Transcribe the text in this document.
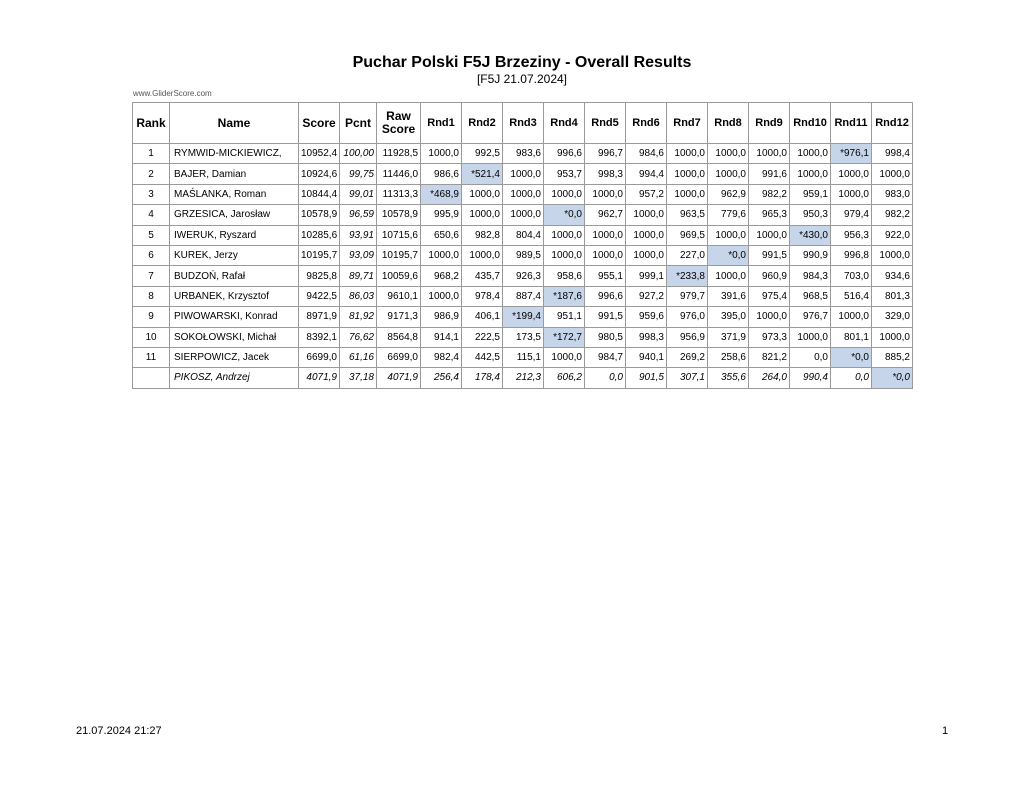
Puchar Polski F5J Brzeziny - Overall Results
[F5J 21.07.2024]
www.GliderScore.com
Rank	Name	Score	Pcnt	Raw Score	Rnd1	Rnd2	Rnd3	Rnd4	Rnd5	Rnd6	Rnd7	Rnd8	Rnd9	Rnd10	Rnd11	Rnd12
1	RYMWID-MICKIEWICZ,	10952,4	100,00	11928,5	1000,0	992,5	983,6	996,6	996,7	984,6	1000,0	1000,0	1000,0	1000,0	*976,1	998,4
2	BAJER, Damian	10924,6	99,75	11446,0	986,6	*521,4	1000,0	953,7	998,3	994,4	1000,0	1000,0	991,6	1000,0	1000,0	1000,0
3	MAŚLANKA, Roman	10844,4	99,01	11313,3	*468,9	1000,0	1000,0	1000,0	1000,0	957,2	1000,0	962,9	982,2	959,1	1000,0	983,0
4	GRZESICA, Jarosław	10578,9	96,59	10578,9	995,9	1000,0	1000,0	*0,0	962,7	1000,0	963,5	779,6	965,3	950,3	979,4	982,2
5	IWERUK, Ryszard	10285,6	93,91	10715,6	650,6	982,8	804,4	1000,0	1000,0	1000,0	969,5	1000,0	1000,0	*430,0	956,3	922,0
6	KUREK, Jerzy	10195,7	93,09	10195,7	1000,0	1000,0	989,5	1000,0	1000,0	1000,0	227,0	*0,0	991,5	990,9	996,8	1000,0
7	BUDZOŃ, Rafał	9825,8	89,71	10059,6	968,2	435,7	926,3	958,6	955,1	999,1	*233,8	1000,0	960,9	984,3	703,0	934,6
8	URBANEK, Krzysztof	9422,5	86,03	9610,1	1000,0	978,4	887,4	*187,6	996,6	927,2	979,7	391,6	975,4	968,5	516,4	801,3
9	PIWOWARSKI, Konrad	8971,9	81,92	9171,3	986,9	406,1	*199,4	951,1	991,5	959,6	976,0	395,0	1000,0	976,7	1000,0	329,0
10	SOKOŁOWSKI, Michał	8392,1	76,62	8564,8	914,1	222,5	173,5	*172,7	980,5	998,3	956,9	371,9	973,3	1000,0	801,1	1000,0
11	SIERPOWICZ, Jacek	6699,0	61,16	6699,0	982,4	442,5	115,1	1000,0	984,7	940,1	269,2	258,6	821,2	0,0	*0,0	885,2
	PIKOSZ, Andrzej	4071,9	37,18	4071,9	256,4	178,4	212,3	606,2	0,0	901,5	307,1	355,6	264,0	990,4	0,0	*0,0
21.07.2024 21:27	1
